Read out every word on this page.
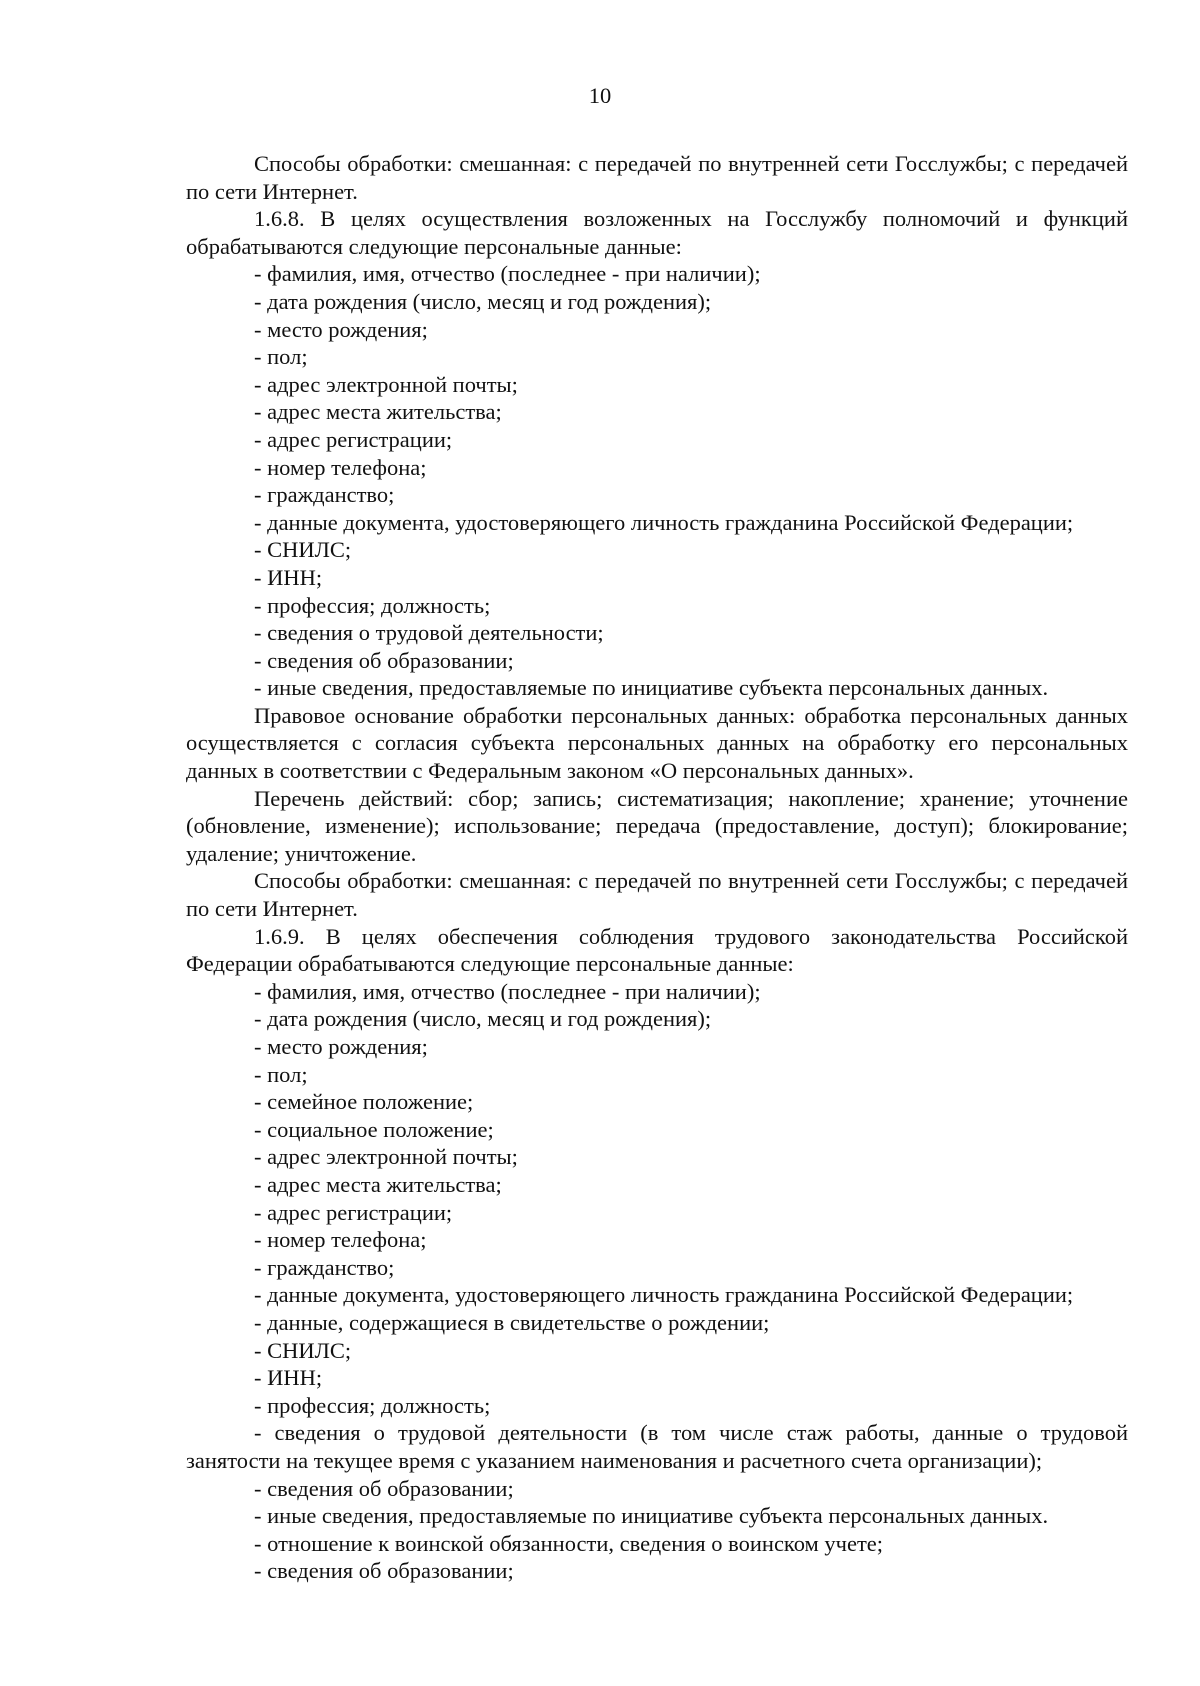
10

Способы обработки: смешанная: с передачей по внутренней сети Госслужбы; с передачей по сети Интернет.

1.6.8. В целях осуществления возложенных на Госслужбу полномочий и функций обрабатываются следующие персональные данные:

- фамилия, имя, отчество (последнее - при наличии);

- дата рождения (число, месяц и год рождения);

- место рождения;

- пол;

- адрес электронной почты;

- адрес места жительства;

- адрес регистрации;

- номер телефона;

- гражданство;

- данные документа, удостоверяющего личность гражданина Российской Федерации;

- СНИЛС;

- ИНН;

- профессия; должность;

- сведения о трудовой деятельности;

- сведения об образовании;

- иные сведения, предоставляемые по инициативе субъекта персональных данных.

Правовое основание обработки персональных данных: обработка персональных данных осуществляется с согласия субъекта персональных данных на обработку его персональных данных в соответствии с Федеральным законом «О персональных данных».

Перечень действий: сбор; запись; систематизация; накопление; хранение; уточнение (обновление, изменение); использование; передача (предоставление, доступ); блокирование; удаление; уничтожение.

Способы обработки: смешанная: с передачей по внутренней сети Госслужбы; с передачей по сети Интернет.

1.6.9. В целях обеспечения соблюдения трудового законодательства Российской Федерации обрабатываются следующие персональные данные:

- фамилия, имя, отчество (последнее - при наличии);

- дата рождения (число, месяц и год рождения);

- место рождения;

- пол;

- семейное положение;

- социальное положение;

- адрес электронной почты;

- адрес места жительства;

- адрес регистрации;

- номер телефона;

- гражданство;

- данные документа, удостоверяющего личность гражданина Российской Федерации;

- данные, содержащиеся в свидетельстве о рождении;

- СНИЛС;

- ИНН;

- профессия; должность;

- сведения о трудовой деятельности (в том числе стаж работы, данные о трудовой занятости на текущее время с указанием наименования и расчетного счета организации);

- сведения об образовании;

- иные сведения, предоставляемые по инициативе субъекта персональных данных.

- отношение к воинской обязанности, сведения о воинском учете;

- сведения об образовании;
